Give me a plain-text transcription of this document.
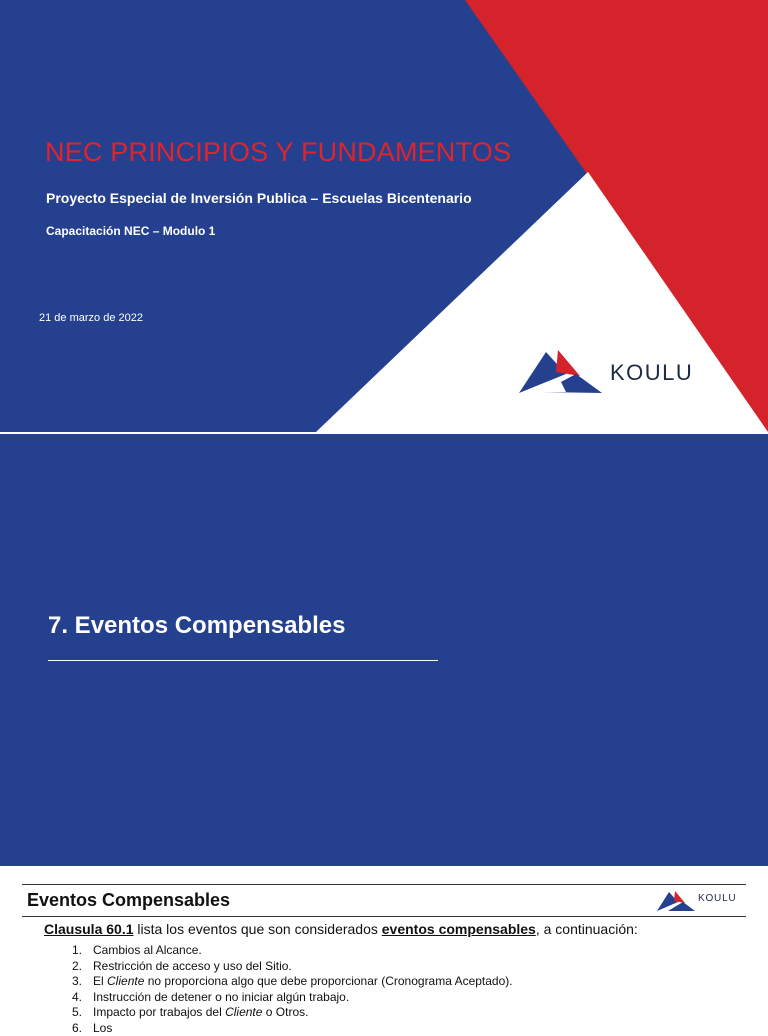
NEC PRINCIPIOS Y FUNDAMENTOS
Proyecto Especial de Inversión Publica – Escuelas Bicentenario
Capacitación NEC – Modulo 1
21 de marzo de 2022
KOULU
7. Eventos Compensables
Eventos Compensables	KOULU
Clausula 60.1 lista los eventos que son considerados eventos compensables, a continuación:
1. Cambios al Alcance.
2. Restricción de acceso y uso del Sitio.
3. El Cliente no proporciona algo que debe proporcionar (Cronograma Aceptado).
4. Instrucción de detener o no iniciar algún trabajo.
5. Impacto por trabajos del Cliente o Otros.
6. Los
